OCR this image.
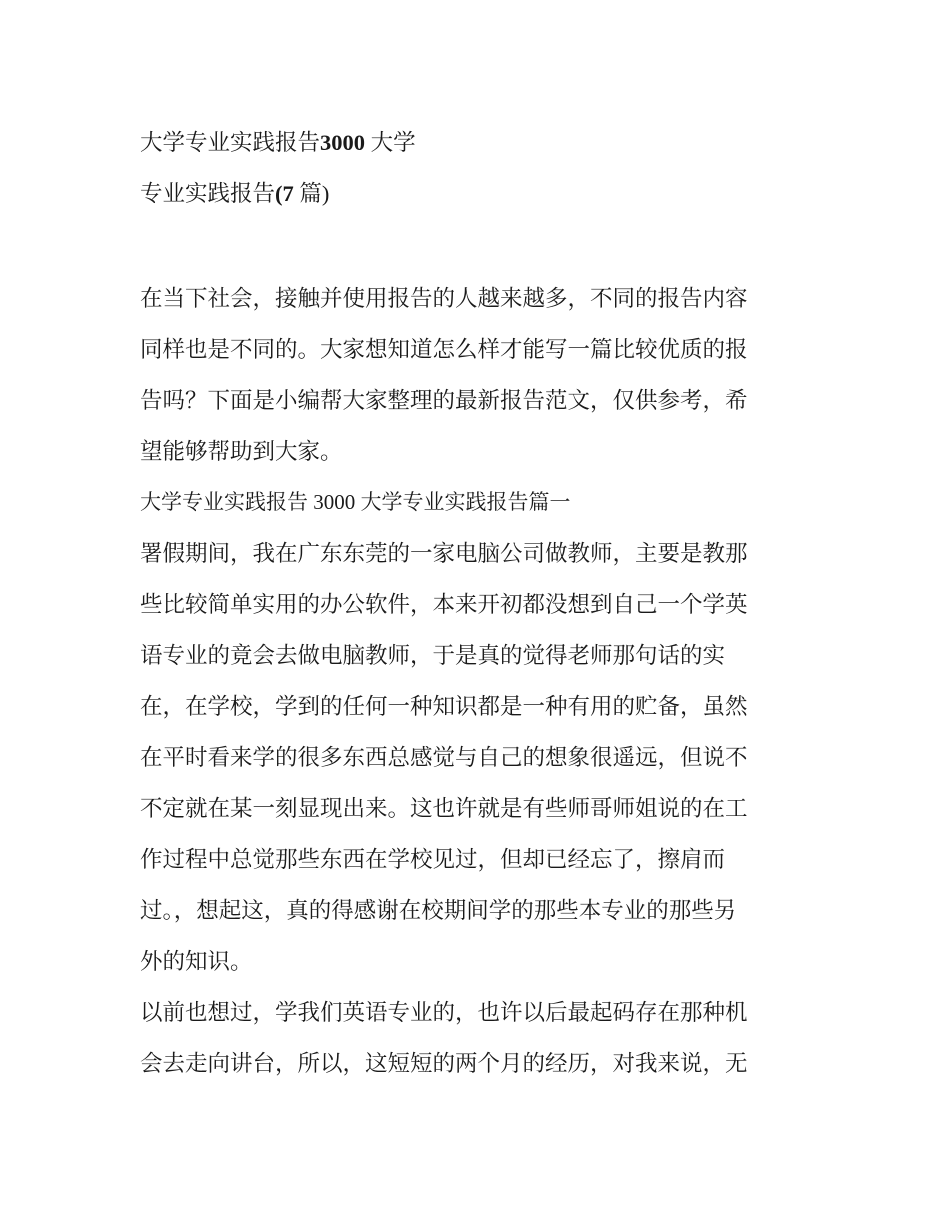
大学专业实践报告3000 大学
专业实践报告(7 篇)
在当下社会，接触并使用报告的人越来越多，不同的报告内容
同样也是不同的。大家想知道怎么样才能写一篇比较优质的报
告吗？下面是小编帮大家整理的最新报告范文，仅供参考，希
望能够帮助到大家。
大学专业实践报告 3000 大学专业实践报告篇一
署假期间，我在广东东莞的一家电脑公司做教师，主要是教那
些比较简单实用的办公软件，本来开初都没想到自己一个学英
语专业的竟会去做电脑教师，于是真的觉得老师那句话的实
在，在学校，学到的任何一种知识都是一种有用的贮备，虽然
在平时看来学的很多东西总感觉与自己的想象很遥远，但说不
不定就在某一刻显现出来。这也许就是有些师哥师姐说的在工
作过程中总觉那些东西在学校见过，但却已经忘了，擦肩而
过。，想起这，真的得感谢在校期间学的那些本专业的那些另
外的知识。
以前也想过，学我们英语专业的，也许以后最起码存在那种机
会去走向讲台，所以，这短短的两个月的经历，对我来说，无
